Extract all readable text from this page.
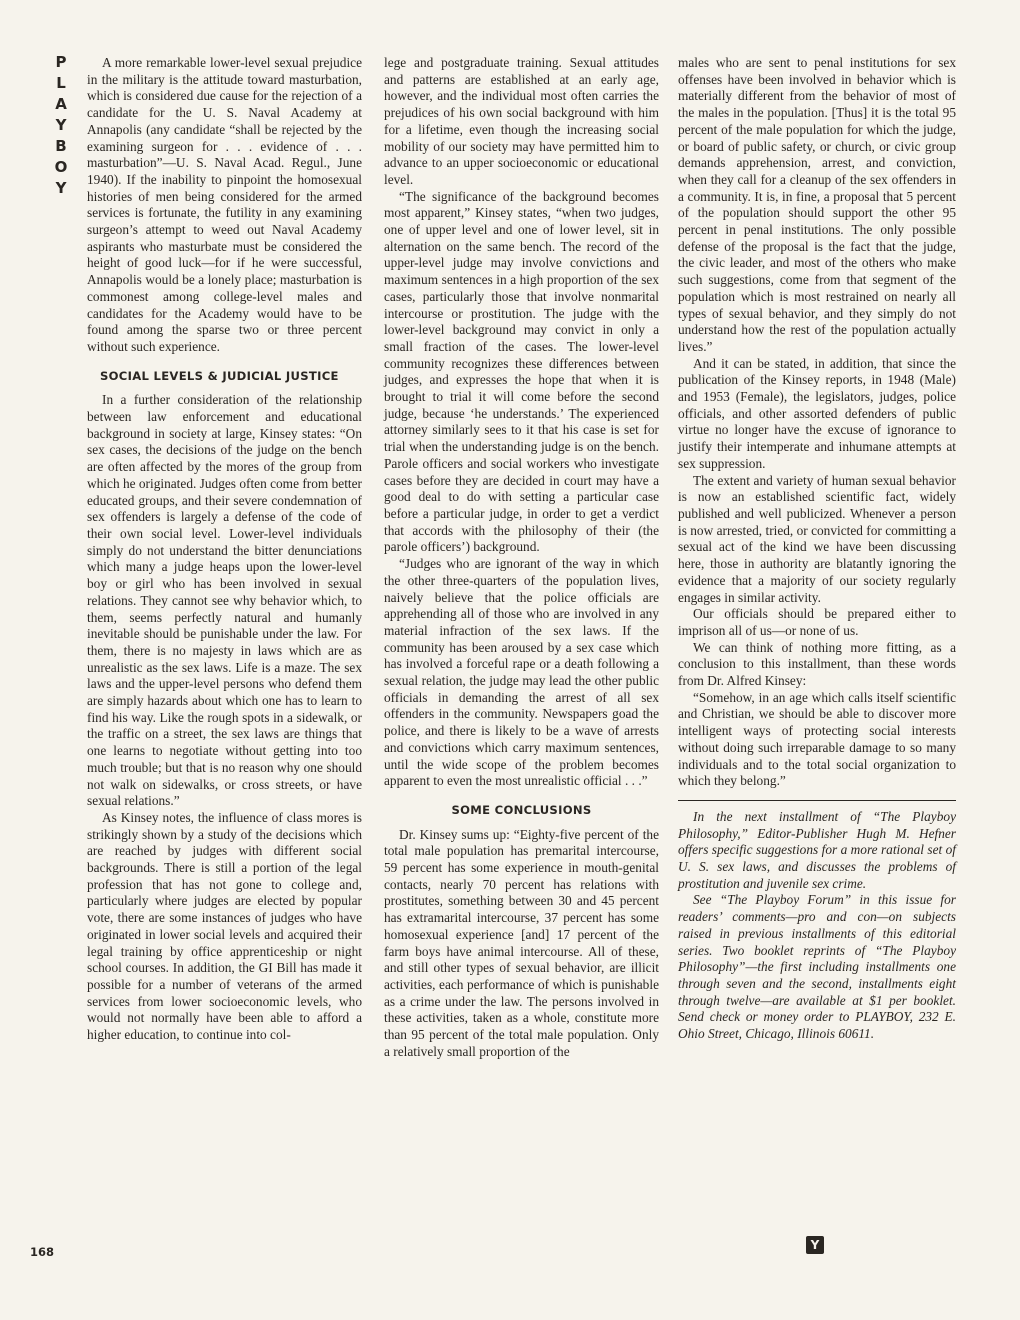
P
L
A
Y
B
O
Y

A more remarkable lower-level sexual prejudice in the military is the attitude toward masturbation, which is considered due cause for the rejection of a candidate for the U. S. Naval Academy at Annapolis (any candidate “shall be rejected by the examining surgeon for . . . evidence of . . . masturbation”—U. S. Naval Acad. Regul., June 1940). If the inability to pinpoint the homosexual histories of men being considered for the armed services is fortunate, the futility in any examining surgeon’s attempt to weed out Naval Academy aspirants who masturbate must be considered the height of good luck—for if he were successful, Annapolis would be a lonely place; masturbation is commonest among college-level males and candidates for the Academy would have to be found among the sparse two or three percent without such experience.

SOCIAL LEVELS & JUDICIAL JUSTICE

In a further consideration of the relationship between law enforcement and educational background in society at large, Kinsey states: “On sex cases, the decisions of the judge on the bench are often affected by the mores of the group from which he originated. Judges often come from better educated groups, and their severe condemnation of sex offenders is largely a defense of the code of their own social level. Lower-level individuals simply do not understand the bitter denunciations which many a judge heaps upon the lower-level boy or girl who has been involved in sexual relations. They cannot see why behavior which, to them, seems perfectly natural and humanly inevitable should be punishable under the law. For them, there is no majesty in laws which are as unrealistic as the sex laws. Life is a maze. The sex laws and the upper-level persons who defend them are simply hazards about which one has to learn to find his way. Like the rough spots in a sidewalk, or the traffic on a street, the sex laws are things that one learns to negotiate without getting into too much trouble; but that is no reason why one should not walk on sidewalks, or cross streets, or have sexual relations.”

As Kinsey notes, the influence of class mores is strikingly shown by a study of the decisions which are reached by judges with different social backgrounds. There is still a portion of the legal profession that has not gone to college and, particularly where judges are elected by popular vote, there are some instances of judges who have originated in lower social levels and acquired their legal training by office apprenticeship or night school courses. In addition, the GI Bill has made it possible for a number of veterans of the armed services from lower socioeconomic levels, who would not normally have been able to afford a higher education, to continue into col-

lege and postgraduate training. Sexual attitudes and patterns are established at an early age, however, and the individual most often carries the prejudices of his own social background with him for a lifetime, even though the increasing social mobility of our society may have permitted him to advance to an upper socioeconomic or educational level.

“The significance of the background becomes most apparent,” Kinsey states, “when two judges, one of upper level and one of lower level, sit in alternation on the same bench. The record of the upper-level judge may involve convictions and maximum sentences in a high proportion of the sex cases, particularly those that involve nonmarital intercourse or prostitution. The judge with the lower-level background may convict in only a small fraction of the cases. The lower-level community recognizes these differences between judges, and expresses the hope that when it is brought to trial it will come before the second judge, because ‘he understands.’ The experienced attorney similarly sees to it that his case is set for trial when the understanding judge is on the bench. Parole officers and social workers who investigate cases before they are decided in court may have a good deal to do with setting a particular case before a particular judge, in order to get a verdict that accords with the philosophy of their (the parole officers’) background.

“Judges who are ignorant of the way in which the other three-quarters of the population lives, naively believe that the police officials are apprehending all of those who are involved in any material infraction of the sex laws. If the community has been aroused by a sex case which has involved a forceful rape or a death following a sexual relation, the judge may lead the other public officials in demanding the arrest of all sex offenders in the community. Newspapers goad the police, and there is likely to be a wave of arrests and convictions which carry maximum sentences, until the wide scope of the problem becomes apparent to even the most unrealistic official . . .”

SOME CONCLUSIONS

Dr. Kinsey sums up: “Eighty-five percent of the total male population has premarital intercourse, 59 percent has some experience in mouth-genital contacts, nearly 70 percent has relations with prostitutes, something between 30 and 45 percent has extramarital intercourse, 37 percent has some homosexual experience [and] 17 percent of the farm boys have animal intercourse. All of these, and still other types of sexual behavior, are illicit activities, each performance of which is punishable as a crime under the law. The persons involved in these activities, taken as a whole, constitute more than 95 percent of the total male population. Only a relatively small proportion of the

males who are sent to penal institutions for sex offenses have been involved in behavior which is materially different from the behavior of most of the males in the population. [Thus] it is the total 95 percent of the male population for which the judge, or board of public safety, or church, or civic group demands apprehension, arrest, and conviction, when they call for a cleanup of the sex offenders in a community. It is, in fine, a proposal that 5 percent of the population should support the other 95 percent in penal institutions. The only possible defense of the proposal is the fact that the judge, the civic leader, and most of the others who make such suggestions, come from that segment of the population which is most restrained on nearly all types of sexual behavior, and they simply do not understand how the rest of the population actually lives.”

And it can be stated, in addition, that since the publication of the Kinsey reports, in 1948 (Male) and 1953 (Female), the legislators, judges, police officials, and other assorted defenders of public virtue no longer have the excuse of ignorance to justify their intemperate and inhumane attempts at sex suppression.

The extent and variety of human sexual behavior is now an established scientific fact, widely published and well publicized. Whenever a person is now arrested, tried, or convicted for committing a sexual act of the kind we have been discussing here, those in authority are blatantly ignoring the evidence that a majority of our society regularly engages in similar activity.

Our officials should be prepared either to imprison all of us—or none of us.

We can think of nothing more fitting, as a conclusion to this installment, than these words from Dr. Alfred Kinsey:

“Somehow, in an age which calls itself scientific and Christian, we should be able to discover more intelligent ways of protecting social interests without doing such irreparable damage to so many individuals and to the total social organization to which they belong.”

In the next installment of “The Playboy Philosophy,” Editor-Publisher Hugh M. Hefner offers specific suggestions for a more rational set of U. S. sex laws, and discusses the problems of prostitution and juvenile sex crime.

See “The Playboy Forum” in this issue for readers’ comments—pro and con—on subjects raised in previous installments of this editorial series. Two booklet reprints of “The Playboy Philosophy”—the first including installments one through seven and the second, installments eight through twelve—are available at $1 per booklet. Send check or money order to PLAYBOY, 232 E. Ohio Street, Chicago, Illinois 60611.

168	Y
